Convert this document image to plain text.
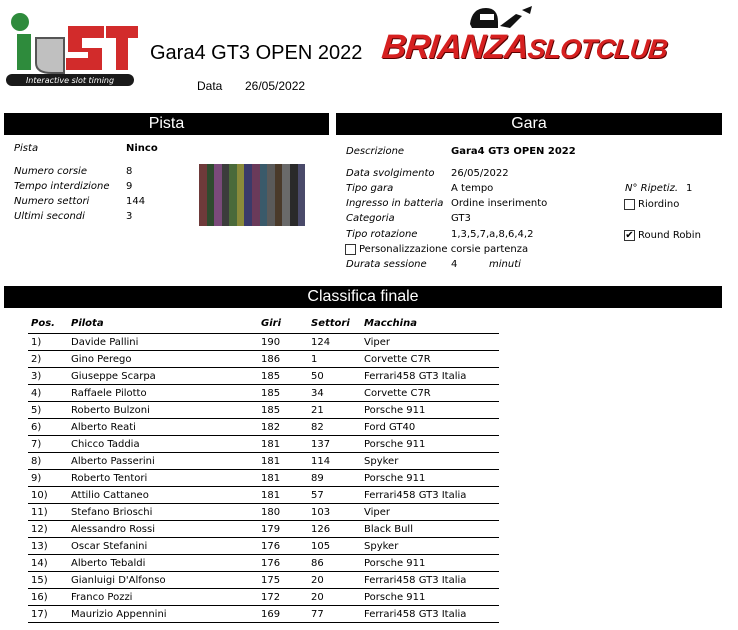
Interactive slot timing
Gara4 GT3 OPEN 2022
Data 26/05/2022
BRIANZASLOTCLUB
Pista	Gara
Pista	Ninco
Numero corsie	8
Tempo interdizione 9
Numero settori	144
Ultimi secondi	3
Descrizione	Gara4 GT3 OPEN 2022
Data svolgimento 26/05/2022
Tipo gara	A tempo
Ingresso in batteria Ordine inserimento
Categoria	GT3
Tipo rotazione	1,3,5,7,a,8,6,4,2
Personalizzazione corsie partenza
Durata sessione 4	minuti
N° Ripetiz. 1
Riordino
✔ Round Robin
Classifica finale
Pos.	Pilota	Giri	Settori	Macchina
1)	Davide Pallini	190	124	Viper
2)	Gino Perego	186	1	Corvette C7R
3)	Giuseppe Scarpa	185	50	Ferrari458 GT3 Italia
4)	Raffaele Pilotto	185	34	Corvette C7R
5)	Roberto Bulzoni	185	21	Porsche 911
6)	Alberto Reati	182	82	Ford GT40
7)	Chicco Taddia	181	137	Porsche 911
8)	Alberto Passerini	181	114	Spyker
9)	Roberto Tentori	181	89	Porsche 911
10)	Attilio Cattaneo	181	57	Ferrari458 GT3 Italia
11)	Stefano Brioschi	180	103	Viper
12)	Alessandro Rossi	179	126	Black Bull
13)	Oscar Stefanini	176	105	Spyker
14)	Alberto Tebaldi	176	86	Porsche 911
15)	Gianluigi D'Alfonso	175	20	Ferrari458 GT3 Italia
16)	Franco Pozzi	172	20	Porsche 911
17)	Maurizio Appennini	169	77	Ferrari458 GT3 Italia
